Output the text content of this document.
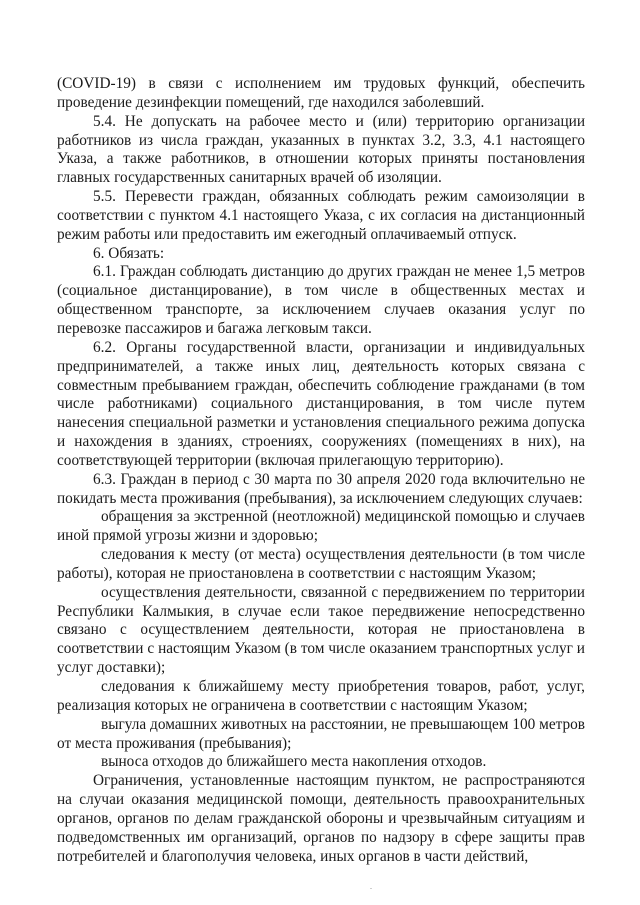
(COVID-19) в связи с исполнением им трудовых функций, обеспечить проведение дезинфекции помещений, где находился заболевший.

5.4. Не допускать на рабочее место и (или) территорию организации работников из числа граждан, указанных в пунктах 3.2, 3.3, 4.1 настоящего Указа, а также работников, в отношении которых приняты постановления главных государственных санитарных врачей об изоляции.

5.5. Перевести граждан, обязанных соблюдать режим самоизоляции в соответствии с пунктом 4.1 настоящего Указа, с их согласия на дистанционный режим работы или предоставить им ежегодный оплачиваемый отпуск.

6. Обязать:

6.1. Граждан соблюдать дистанцию до других граждан не менее 1,5 метров (социальное дистанцирование), в том числе в общественных местах и общественном транспорте, за исключением случаев оказания услуг по перевозке пассажиров и багажа легковым такси.

6.2. Органы государственной власти, организации и индивидуальных предпринимателей, а также иных лиц, деятельность которых связана с совместным пребыванием граждан, обеспечить соблюдение гражданами (в том числе работниками) социального дистанцирования, в том числе путем нанесения специальной разметки и установления специального режима допуска и нахождения в зданиях, строениях, сооружениях (помещениях в них), на соответствующей территории (включая прилегающую территорию).

6.3. Граждан в период с 30 марта по 30 апреля 2020 года включительно не покидать места проживания (пребывания), за исключением следующих случаев:

обращения за экстренной (неотложной) медицинской помощью и случаев иной прямой угрозы жизни и здоровью;

следования к месту (от места) осуществления деятельности (в том числе работы), которая не приостановлена в соответствии с настоящим Указом;

осуществления деятельности, связанной с передвижением по территории Республики Калмыкия, в случае если такое передвижение непосредственно связано с осуществлением деятельности, которая не приостановлена в соответствии с настоящим Указом (в том числе оказанием транспортных услуг и услуг доставки);

следования к ближайшему месту приобретения товаров, работ, услуг, реализация которых не ограничена в соответствии с настоящим Указом;

выгула домашних животных на расстоянии, не превышающем 100 метров от места проживания (пребывания);

выноса отходов до ближайшего места накопления отходов.

Ограничения, установленные настоящим пунктом, не распространяются на случаи оказания медицинской помощи, деятельность правоохранительных органов, органов по делам гражданской обороны и чрезвычайным ситуациям и подведомственных им организаций, органов по надзору в сфере защиты прав потребителей и благополучия человека, иных органов в части действий,
